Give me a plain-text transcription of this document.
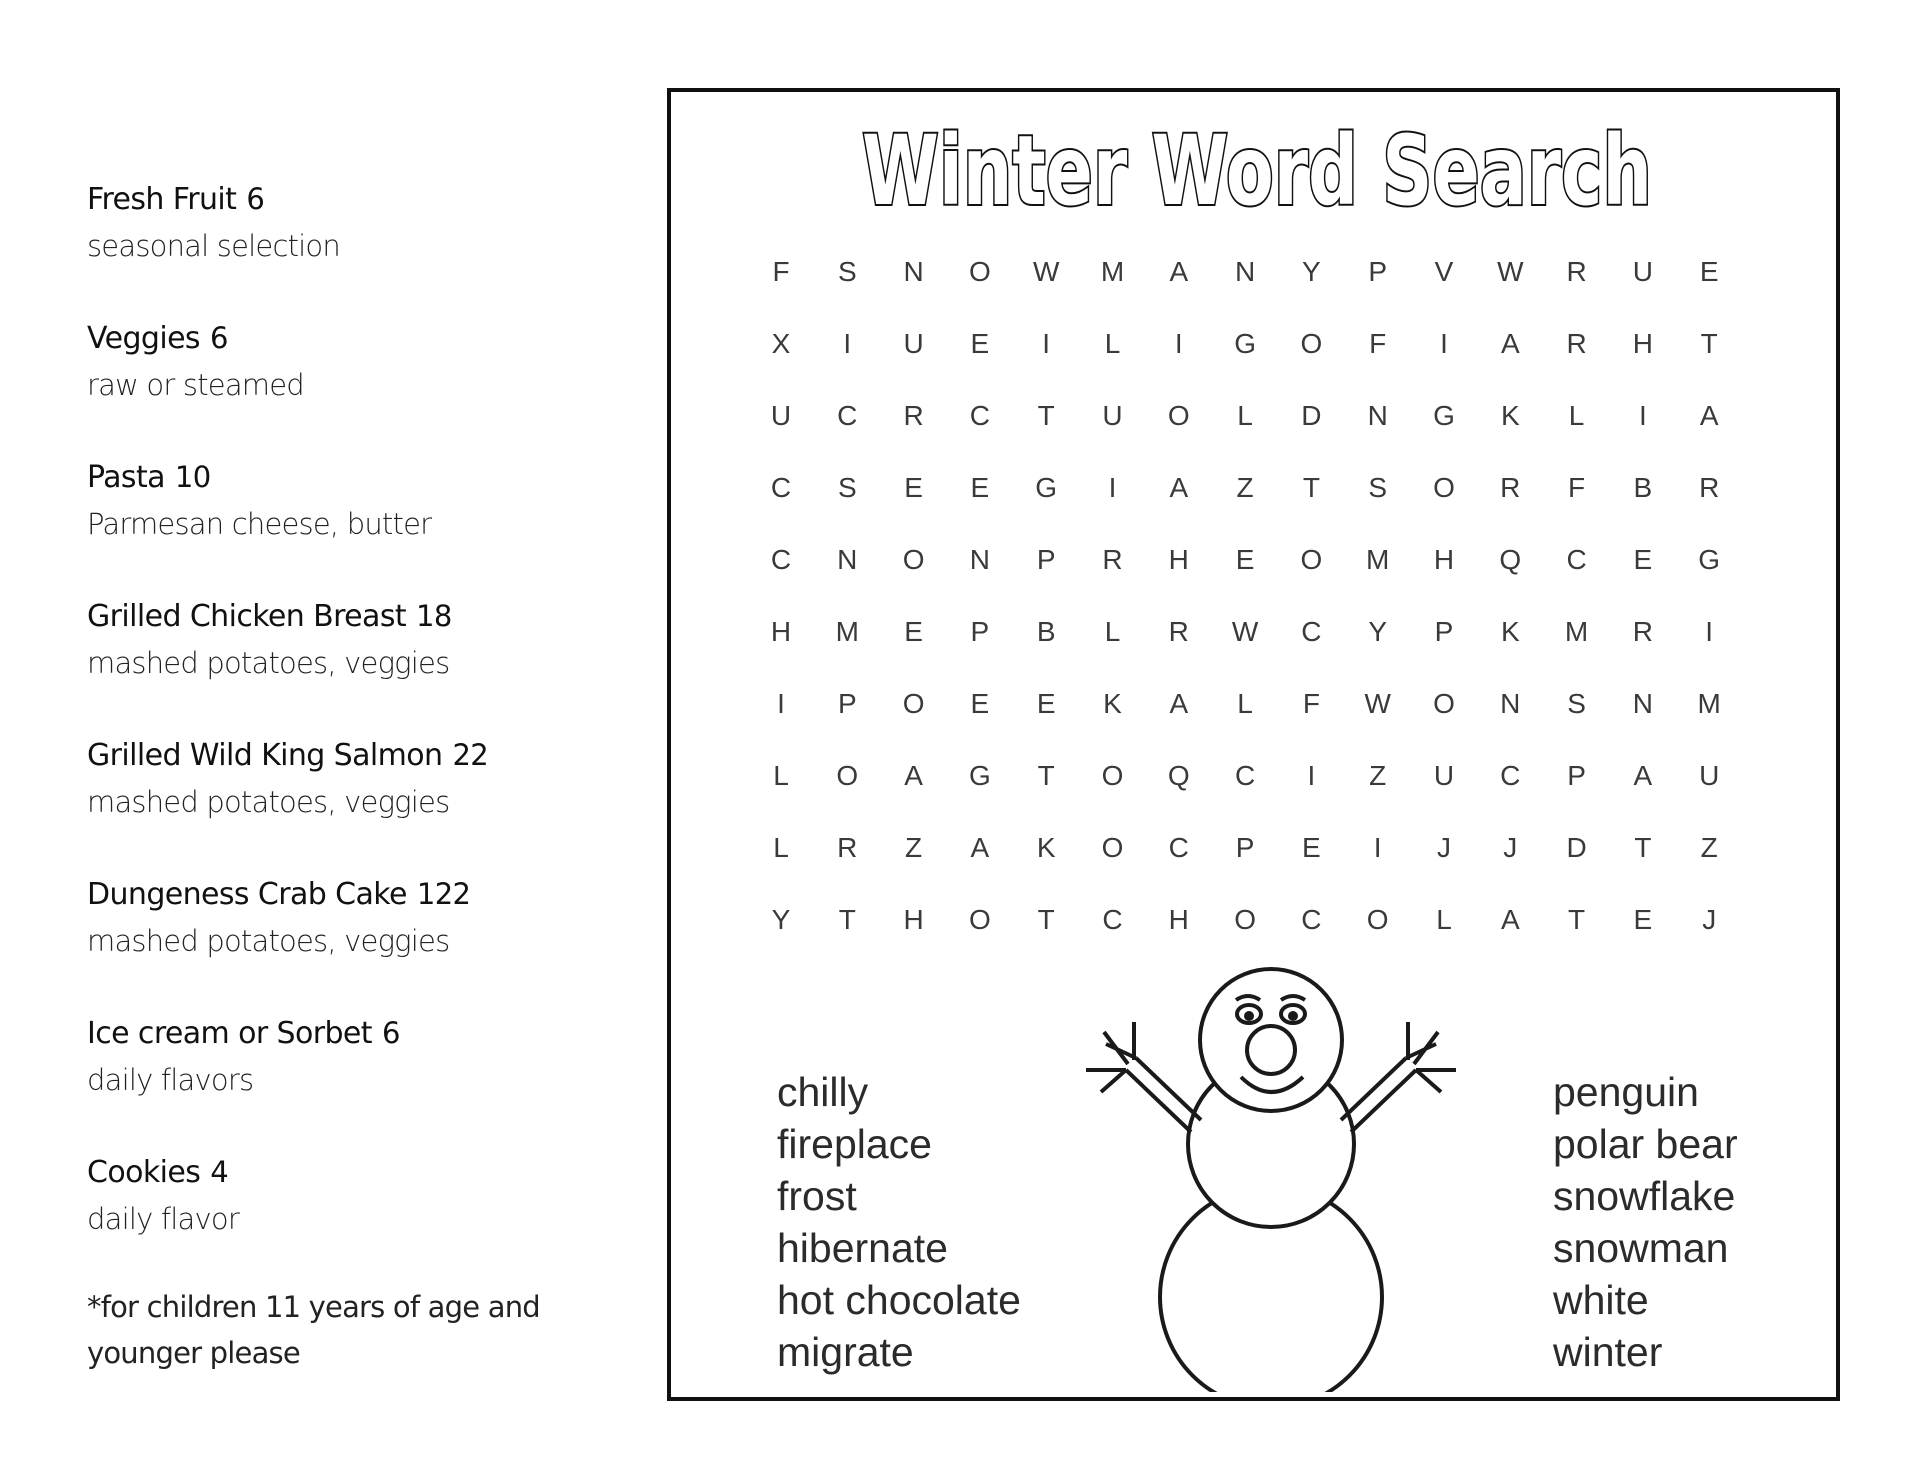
Fresh Fruit 6
seasonal selection
Veggies 6
raw or steamed
Pasta 10
Parmesan cheese, butter
Grilled Chicken Breast 18
mashed potatoes, veggies
Grilled Wild King Salmon 22
mashed potatoes, veggies
Dungeness Crab Cake 122
mashed potatoes, veggies
Ice cream or Sorbet 6
daily flavors
Cookies 4
daily flavor
*for children 11 years of age and
younger please
Winter Word Search
F	S	N	O	W	M	A	N	Y	P	V	W	R	U	E
X	I	U	E	I	L	I	G	O	F	I	A	R	H	T
U	C	R	C	T	U	O	L	D	N	G	K	L	I	A
C	S	E	E	G	I	A	Z	T	S	O	R	F	B	R
C	N	O	N	P	R	H	E	O	M	H	Q	C	E	G
H	M	E	P	B	L	R	W	C	Y	P	K	M	R	I
I	P	O	E	E	K	A	L	F	W	O	N	S	N	M
L	O	A	G	T	O	Q	C	I	Z	U	C	P	A	U
L	R	Z	A	K	O	C	P	E	I	J	J	D	T	Z
Y	T	H	O	T	C	H	O	C	O	L	A	T	E	J
chilly
fireplace
frost
hibernate
hot chocolate
migrate
penguin
polar bear
snowflake
snowman
white
winter
